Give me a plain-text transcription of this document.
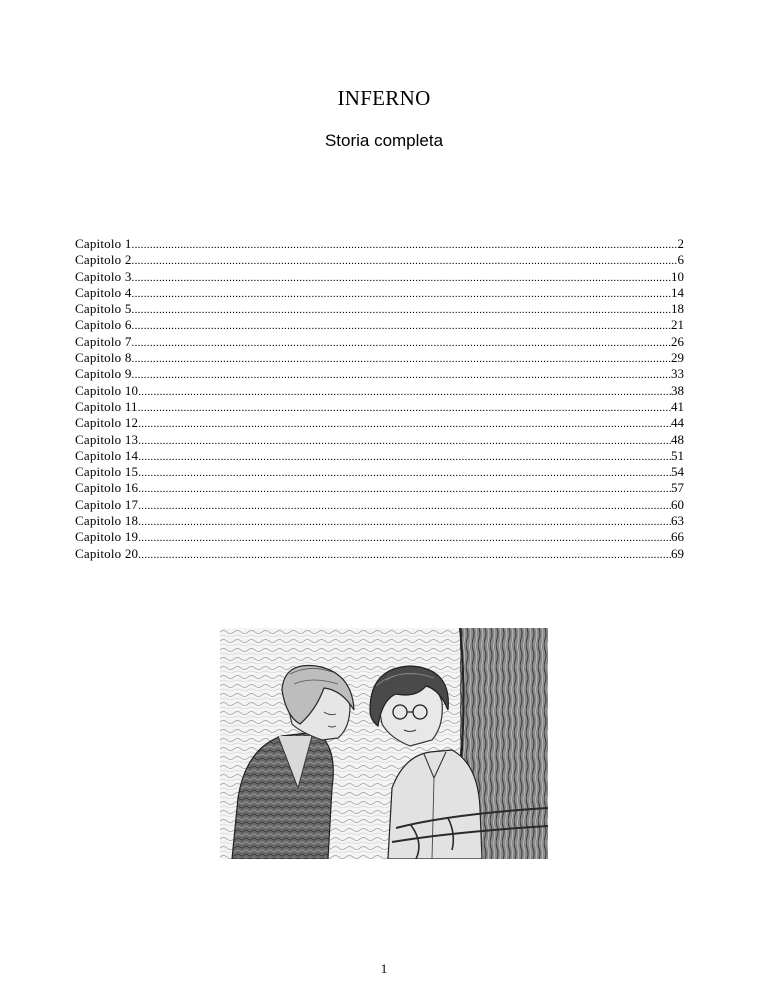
INFERNO
Storia completa
Capitolo 1 .....	2
Capitolo 2 .....	6
Capitolo 3 .....	10
Capitolo 4 .....	14
Capitolo 5 .....	18
Capitolo 6 .....	21
Capitolo 7 .....	26
Capitolo 8 .....	29
Capitolo 9 .....	33
Capitolo 10 .....	38
Capitolo 11 .....	41
Capitolo 12 .....	44
Capitolo 13 .....	48
Capitolo 14 .....	51
Capitolo 15 .....	54
Capitolo 16 .....	57
Capitolo 17 .....	60
Capitolo 18 .....	63
Capitolo 19 .....	66
Capitolo 20 .....	69
1
